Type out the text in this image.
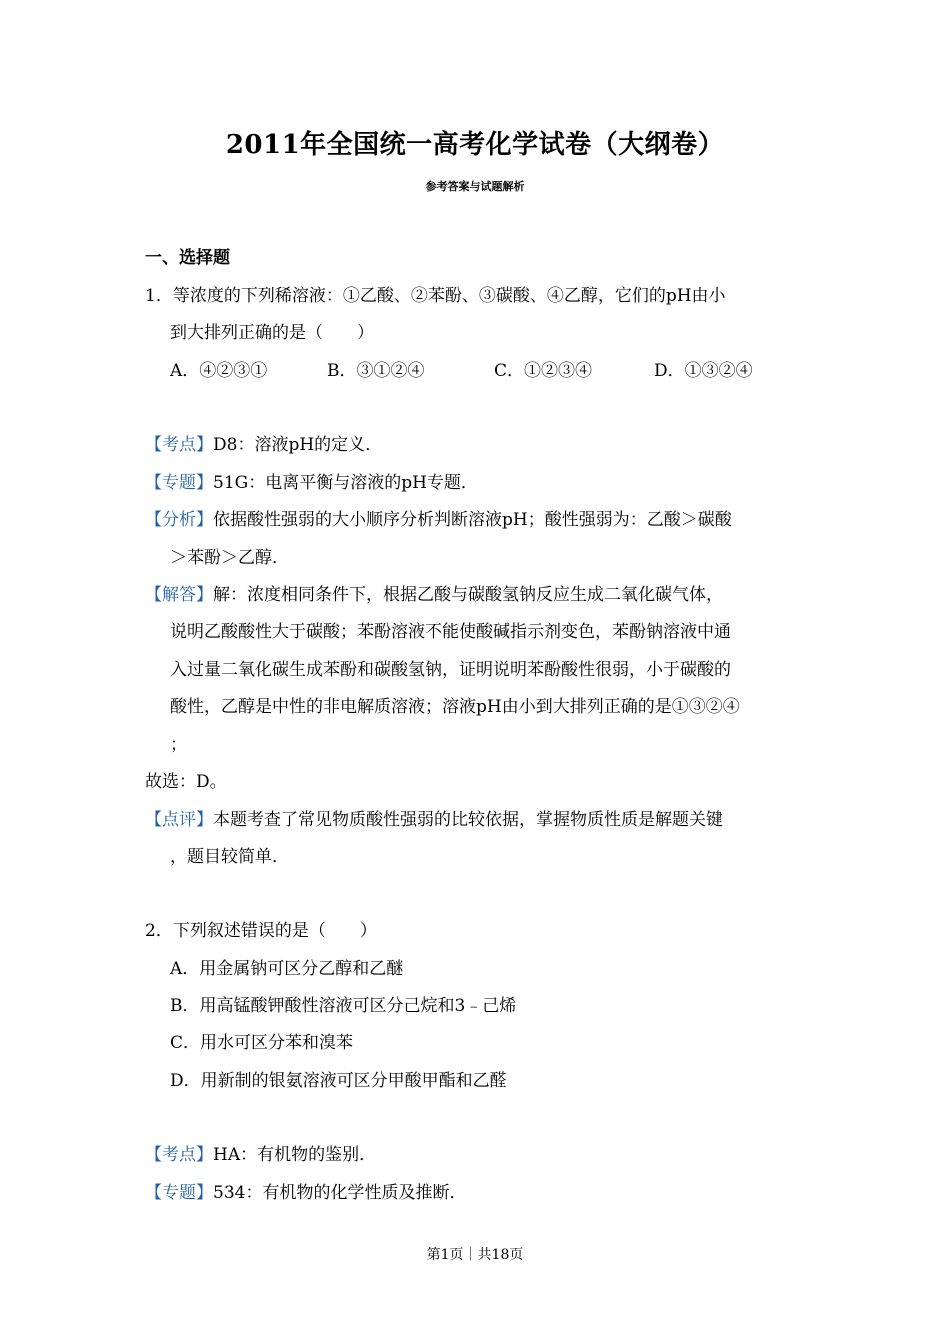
2011年全国统一高考化学试卷（大纲卷）
参考答案与试题解析
一、选择题
1．等浓度的下列稀溶液：①乙酸、②苯酚、③碳酸、④乙醇，它们的pH由小
到大排列正确的是（　　）
A．④②③①	B．③①②④	C．①②③④	D．①③②④
【考点】D8：溶液pH的定义．
【专题】51G：电离平衡与溶液的pH专题．
【分析】依据酸性强弱的大小顺序分析判断溶液pH；酸性强弱为：乙酸＞碳酸
＞苯酚＞乙醇．
【解答】解：浓度相同条件下，根据乙酸与碳酸氢钠反应生成二氧化碳气体，
说明乙酸酸性大于碳酸；苯酚溶液不能使酸碱指示剂变色，苯酚钠溶液中通
入过量二氧化碳生成苯酚和碳酸氢钠，证明说明苯酚酸性很弱，小于碳酸的
酸性，乙醇是中性的非电解质溶液；溶液pH由小到大排列正确的是①③②④
；
故选：D。
【点评】本题考查了常见物质酸性强弱的比较依据，掌握物质性质是解题关键
，题目较简单．
2．下列叙述错误的是（　　）
A．用金属钠可区分乙醇和乙醚
B．用高锰酸钾酸性溶液可区分己烷和3﹣己烯
C．用水可区分苯和溴苯
D．用新制的银氨溶液可区分甲酸甲酯和乙醛
【考点】HA：有机物的鉴别．
【专题】534：有机物的化学性质及推断．
第1页｜共18页
